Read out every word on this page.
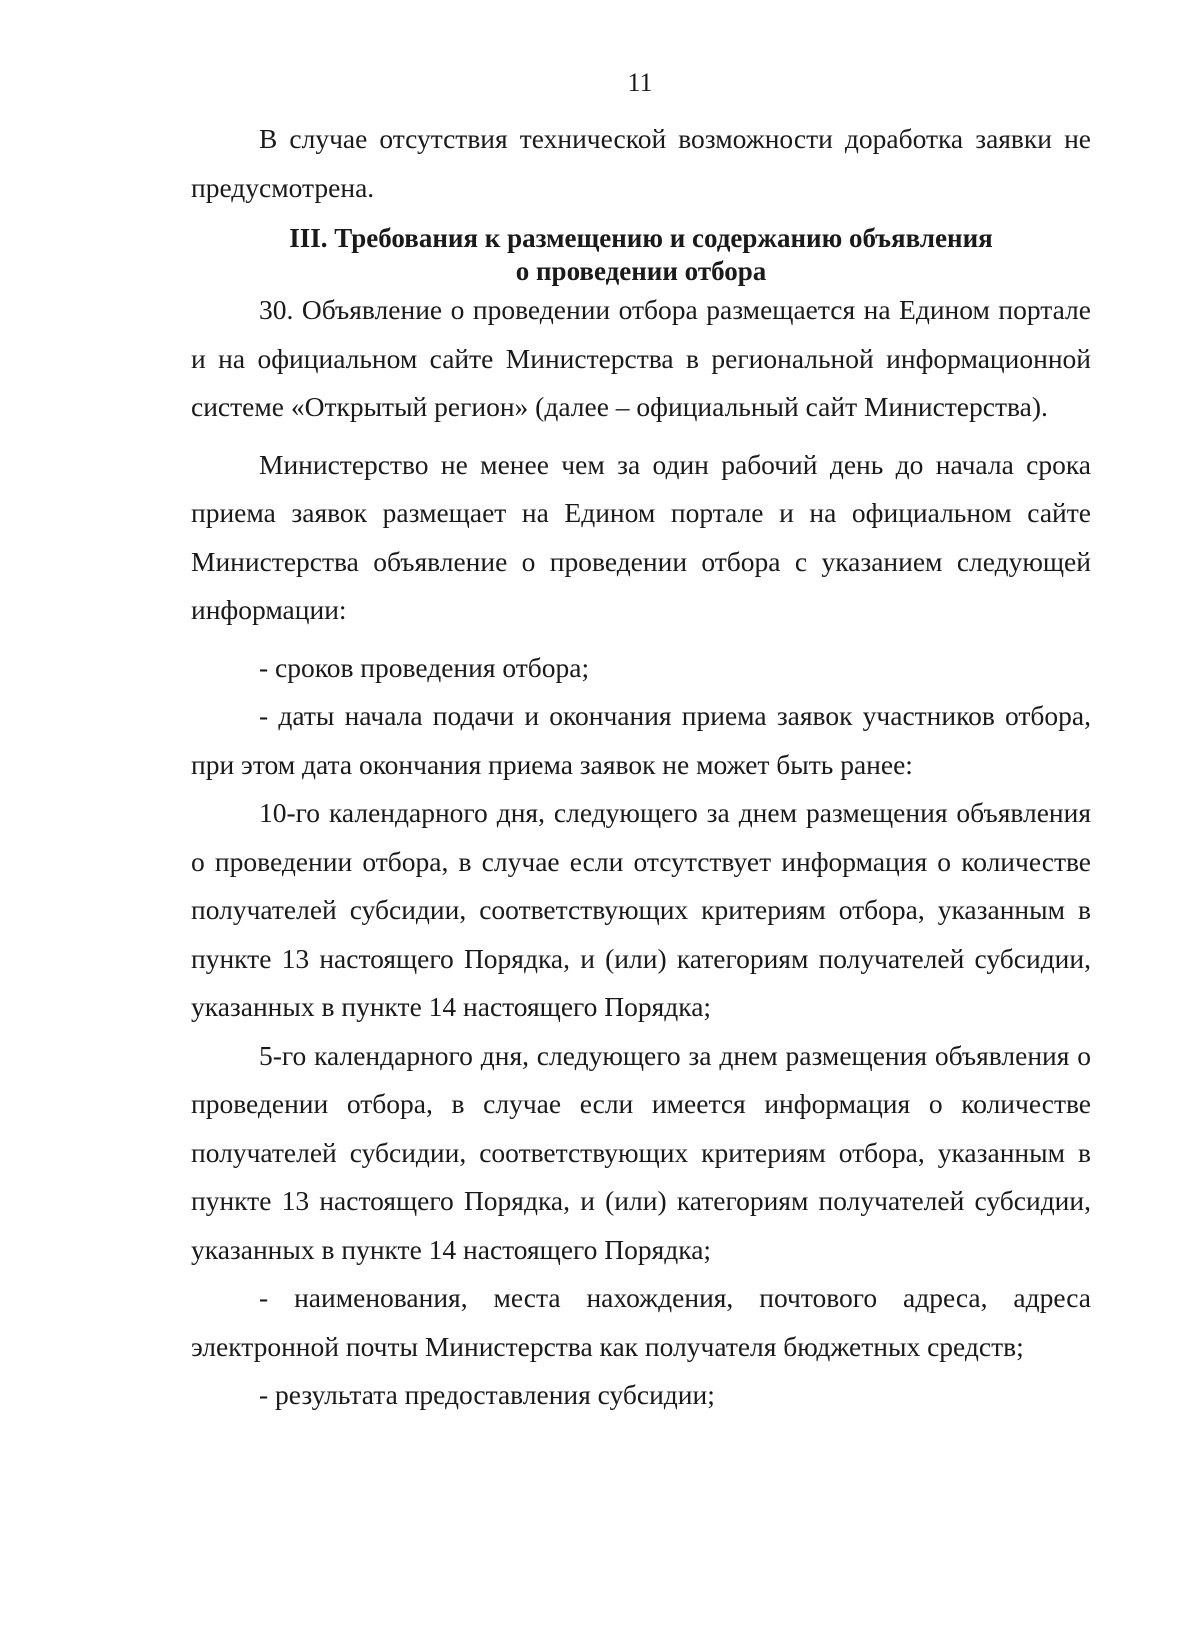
11

В случае отсутствия технической возможности доработка заявки не предусмотрена.

III. Требования к размещению и содержанию объявления
о проведении отбора

30. Объявление о проведении отбора размещается на Едином портале и на официальном сайте Министерства в региональной информационной системе «Открытый регион» (далее – официальный сайт Министерства).

Министерство не менее чем за один рабочий день до начала срока приема заявок размещает на Едином портале и на официальном сайте Министерства объявление о проведении отбора с указанием следующей информации:

- сроков проведения отбора;

- даты начала подачи и окончания приема заявок участников отбора, при этом дата окончания приема заявок не может быть ранее:

10-го календарного дня, следующего за днем размещения объявления о проведении отбора, в случае если отсутствует информация о количестве получателей субсидии, соответствующих критериям отбора, указанным в пункте 13 настоящего Порядка, и (или) категориям получателей субсидии, указанных в пункте 14 настоящего Порядка;

5-го календарного дня, следующего за днем размещения объявления о проведении отбора, в случае если имеется информация о количестве получателей субсидии, соответствующих критериям отбора, указанным в пункте 13 настоящего Порядка, и (или) категориям получателей субсидии, указанных в пункте 14 настоящего Порядка;

- наименования, места нахождения, почтового адреса, адреса электронной почты Министерства как получателя бюджетных средств;

- результата предоставления субсидии;
